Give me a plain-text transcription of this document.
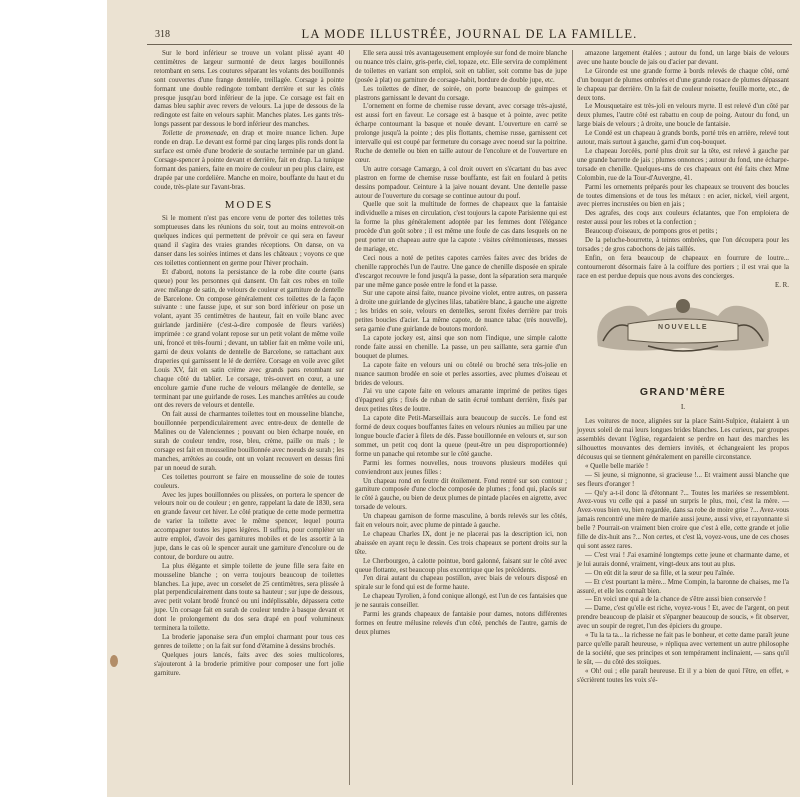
318	LA MODE ILLUSTRÉE, JOURNAL DE LA FAMILLE.

Sur le bord inférieur se trouve un volant plissé ayant 40 centimètres de largeur surmonté de deux larges bouillonnés retombant en sens. Les coutures séparant les volants des bouillonnés sont couvertes d'une frange dentelée, treillagée. Corsage à pointe formant une double redingote tombant derrière et sur les côtés presque jusqu'au bord inférieur de la jupe. Ce corsage est fait en damas bleu saphir avec revers de velours. La jupe de dessous de la redingote est faite en velours saphir. Manches plates. Les gants très-longs passent par dessous le bord inférieur des manches.

Toilette de promenade, en drap et moire nuance lichen. Jupe ronde en drap. Le devant est formé par cinq larges plis ronds dont la surface est ornée d'une broderie de soutache terminée par un gland. Corsage-spencer à pointe devant et derrière, fait en drap. La tunique formant des paniers, faite en moire de couleur un peu plus claire, est drapée par une cordelière. Manche en moire, bouffante du haut et du coude, très-plate sur l'avant-bras.

MODES

Si le moment n'est pas encore venu de porter des toilettes très somptueuses dans les réunions du soir, tout au moins entrevoit-on quelques indices qui permettent de prévoir ce qui sera en faveur quand il s'agira des vraies grandes réceptions. On danse, on va danser dans les soirées intimes et dans les châteaux ; voyons ce que ces toilettes contiennent en germe pour l'hiver prochain.

Et d'abord, notons la persistance de la robe dite courte (sans queue) pour les personnes qui dansent. On fait ces robes en toile avec mélange de satin, de velours de couleur et garniture de dentelle de Barcelone. On compose généralement ces toilettes de la façon suivante : une fausse jupe, et sur son bord inférieur on pose un volant, ayant 35 centimètres de hauteur, fait en voile blanc avec guirlande jardinière (c'est-à-dire composée de fleurs variées) imprimée : ce grand volant repose sur un petit volant de même voile uni, froncé et très-fourni ; devant, un tablier fait en même voile uni, garni de deux volants de dentelle de Barcelone, se rattachant aux draperies qui garnissent le lé de derrière. Corsage en voile avec gilet Louis XV, fait en satin crème avec grands pans retombant sur chaque côté du tablier. Le corsage, très-ouvert en cœur, a une encolure garnie d'une ruche de velours mélangée de dentelle, se terminant par une guirlande de roses. Les manches arrêtées au coude ont des revers de velours et dentelle.

On fait aussi de charmantes toilettes tout en mousseline blanche, bouillonnée perpendiculairement avec entre-deux de dentelle de Malines ou de Valenciennes ; pouvant ou bien écharpe nouée, en surah de couleur tendre, rose, bleu, crème, paille ou maïs ; le corsage est fait en mousseline bouillonnée avec noeuds de surah ; les manches, arrêtées au coude, ont un volant recouvert en dessus fini par un noeud de surah.

Ces toilettes pourront se faire en mousseline de soie de toutes couleurs.

Avec les jupes bouillonnées ou plissées, on portera le spencer de velours noir ou de couleur ; en genre, rappelant la date de 1830, sera en grande faveur cet hiver. Le côté pratique de cette mode permettra de varier la toilette avec le même spencer, lequel pourra accompagner toutes les jupes légères. Il suffira, pour compléter un autre emploi, d'avoir des garnitures mobiles et de les assortir à la jupe, dans le cas où le spencer aurait une garniture d'encolure ou de contour, de bordure ou autre.

La plus élégante et simple toilette de jeune fille sera faite en mousseline blanche ; on verra toujours beaucoup de toilettes blanches. La jupe, avec un corselet de 25 centimètres, sera plissée à plat perpendiculairement dans toute sa hauteur ; sur jupe de dessous, avec petit volant brodé froncé ou uni indéplissable, dépassera cette jupe. Un corsage fait en surah de couleur tendre à basque devant et dont le prolongement du dos sera drapé en pouf volumineux terminera la toilette.

La broderie japonaise sera d'un emploi charmant pour tous ces genres de toilette ; on la fait sur fond d'étamine à dessins brochés.

Quelques jours lancés, faits avec des soies multicolores, s'ajouteront à la broderie primitive pour composer une fort jolie garniture.

Elle sera aussi très avantageusement employée sur fond de moire blanche ou nuance très claire, gris-perle, ciel, topaze, etc. Elle servira de complément de toilettes en variant son emploi, soit en tablier, soit comme bas de jupe (posée à plat) ou garniture de corsage-habit, bordure de double jupe, etc.

Les toilettes de dîner, de soirée, on porte beaucoup de guimpes et plastrons garnissant le devant du corsage.

L'ornement en forme de chemise russe devant, avec corsage très-ajusté, est aussi fort en faveur. Le corsage est à basque et à pointe, avec petite écharpe contournant la basque et nouée devant. L'ouverture en carré se prolonge jusqu'à la pointe ; des plis flottants, chemise russe, garnissent cet intervalle qui est coupé par fermeture du corsage avec noeud sur la poitrine. Ruche de dentelle ou bien en taille autour de l'encolure et de l'ouverture en cœur.

Un autre corsage Camargo, à col droit ouvert en s'écartant du bas avec plastron en forme de chemise russe bouffante, est fait en foulard à petits dessins pompadour. Ceinture à la jaive nouant devant. Une dentelle passe autour de l'ouverture du corsage se continue autour du pouf.

Quelle que soit la multitude de formes de chapeaux que la fantaisie individuelle a mises en circulation, c'est toujours la capote Parisienne qui est la forme la plus généralement adoptée par les femmes dont l'élégance procède d'un goût sobre ; il est même une foule de cas dans lesquels on ne peut porter un chapeau autre que la capote : visites cérémonieuses, messes de mariage, etc.

Ceci nous a noté de petites capotes carrées faites avec des brides de chenille rapprochés l'un de l'autre. Une gance de chenille disposée en spirale d'escargot recouvre le fond jusqu'à la passe, dont la séparation sera marquée par une même gance posée entre le fond et la passe.

Sur une capote ainsi faite, nuance pivoine violet, entre autres, on passera à droite une guirlande de glycines lilas, tabatière blanc, à gauche une aigrette ; les brides en soie, velours en dentelles, seront fixées derrière par trois petites boucles d'acier. La même capote, de nuance tabac (très nouvelle), sera garnie d'une guirlande de boutons mordoré.

La capote jockey est, ainsi que son nom l'indique, une simple calotte ronde faite aussi en chenille. La passe, un peu saillante, sera garnie d'un bouquet de plumes.

La capote faite en velours uni ou côtelé ou broché sera très-jolie en nuance saumon brodée en soie et perles assorties, avec plumes d'oiseau et brides de velours.

J'ai vu une capote faite en velours amarante imprimé de petites tiges d'épagneul gris ; fixés de ruban de satin écrué tombant derrière, fixés par deux petites têtes de loutre.

La capote dite Petit-Marseillais aura beaucoup de succès. Le fond est formé de deux coques bouffantes faites en velours réunies au milieu par une longue boucle d'acier à filets de dés. Passe bouillonnée en velours et, sur son sommet, un petit coq dont la queue (peut-être un peu disproportionnée) forme un panache qui retombe sur le côté gauche.

Parmi les formes nouvelles, nous trouvons plusieurs modèles qui conviendront aux jeunes filles :

Un chapeau rond en feutre dit étoilement. Fond rentré sur son contour ; garniture composée d'une cloche composée de plumes ; fond qui, placés sur le côté à gauche, ou bien de deux plumes de pintade placées en aigrette, avec torsade de velours.

Un chapeau garnison de forme masculine, à bords relevés sur les côtés, fait en velours noir, avec plume de pintade à gauche.

Le chapeau Charles IX, dont je ne placerai pas la description ici, non abaissée en ayant reçu le dessin. Ces trois chapeaux se portent droits sur la tête.

Le Cherbourgeo, à calotte pointue, bord galonné, faisant sur le côté avec queue flottante, est beaucoup plus excentrique que les précédents.

J'en dirai autant du chapeau postillon, avec biais de velours disposé en spirale sur le fond qui est de forme haute.

Le chapeau Tyrolien, à fond conique allongé, est l'un de ces fantaisies que je ne saurais conseiller.

Parmi les grands chapeaux de fantaisie pour dames, notons différentes formes en feutre mélusine relevés d'un côté, penchés de l'autre, garnis de deux plumes

amazone largement étalées ; autour du fond, un large biais de velours avec une haute boucle de jais ou d'acier par devant.

Le Gironde est une grande forme à bords relevés de chaque côté, orné d'un bouquet de plumes ombrées et d'une grande rosace de plumes dépassant le chapeau par derrière. On la fait de couleur noisette, feuille morte, etc., de deux tons.

Le Mousquetaire est très-joli en velours myrte. Il est relevé d'un côté par deux plumes, l'autre côté est rabattu en coup de poing. Autour du fond, un large biais de velours ; à droite, une boucle de fantaisie.

Le Condé est un chapeau à grands bords, porté très en arrière, relevé tout autour, mais surtout à gauche, garni d'un coq-bouquet.

Le chapeau Jorcéès, porté plus droit sur la tête, est relevé à gauche par une grande barrette de jais ; plumes onnonces ; autour du fond, une écharpe-torsade en chenille. Quelques-uns de ces chapeaux ont été faits chez Mme Colombin, rue de la Tour-d'Auvergne, 41.

Parmi les ornements préparés pour les chapeaux se trouvent des boucles de toutes dimensions et de tous les métaux : en acier, nickel, vieil argent, avec pierres incrustées ou bien en jais ;

Des agrafes, des coqs aux couleurs éclatantes, que l'on emploiera de rester aussi pour les robes et la confection ;

Beaucoup d'oiseaux, de pompons gros et petits ;

De la peluche-bourrette, à teintes ombrées, que l'on découpera pour les torsades ; de gros cabochons de jais taillés.

Enfin, on fera beaucoup de chapeaux en fourrure de loutre... contourneront désormais faire à la coiffure des portiers ; il est vrai que la race en est perdue depuis que nous avons des concierges.

E. R.

NOUVELLE
GRAND'MÈRE
I.

Les voitures de noce, alignées sur la place Saint-Sulpice, étalaient à un joyeux soleil de mai leurs longues brides blanches. Les curieux, par groupes assemblés devant l'église, regardaient se perdre en haut des marches les silhouettes mouvantes des derniers invités, et échangeaient les propos décousus qui se tiennent généralement en pareille circonstance.

« Quelle belle mariée !

— Si jeune, si mignonne, si gracieuse !... Et vraiment aussi blanche que ses fleurs d'oranger !

— Qu'y a-t-il donc là d'étonnant ?... Toutes les mariées se ressemblent. Avez-vous vu celle qui a passé un surpris le plus, moi, c'est la mère. — Avez-vous bien vu, bien regardée, dans sa robe de moire grise ?... Avez-vous jamais rencontré une mère de mariée aussi jeune, aussi vive, et rayonnante si belle ? Pourrait-on vraiment bien croire que c'est à elle, cette grande et jolie fille de dix-huit ans ?... Non certes, et c'est là, voyez-vous, une de ces choses qui sont assez rares.

— C'est vrai ! J'ai examiné longtemps cette jeune et charmante dame, et je lui aurais donné, vraiment, vingt-deux ans tout au plus.

— On eût dit la sœur de sa fille, et la sœur peu l'aînée.

— Et c'est pourtant la mère... Mme Compin, la baronne de chaises, me l'a assuré, et elle les connaît bien.

— En voici une qui a de la chance de s'être aussi bien conservée !

— Dame, c'est qu'elle est riche, voyez-vous ! Et, avec de l'argent, on peut prendre beaucoup de plaisir et s'épargner beaucoup de soucis, » fit observer, avec un soupir de regret, l'un des épiciers du groupe.

« Tu la ta ta... la richesse ne fait pas le bonheur, et cette dame paraît jeune parce qu'elle paraît heureuse, » répliqua avec vertement un autre philosophe de la société, que ses principes et son tempérament inclinaient, — sans qu'il le sût, — du côté des stoïques.

« Oh! oui ; elle paraît heureuse. Et il y a bien de quoi l'être, en effet, » s'écrièrent toutes les voix s'é-
